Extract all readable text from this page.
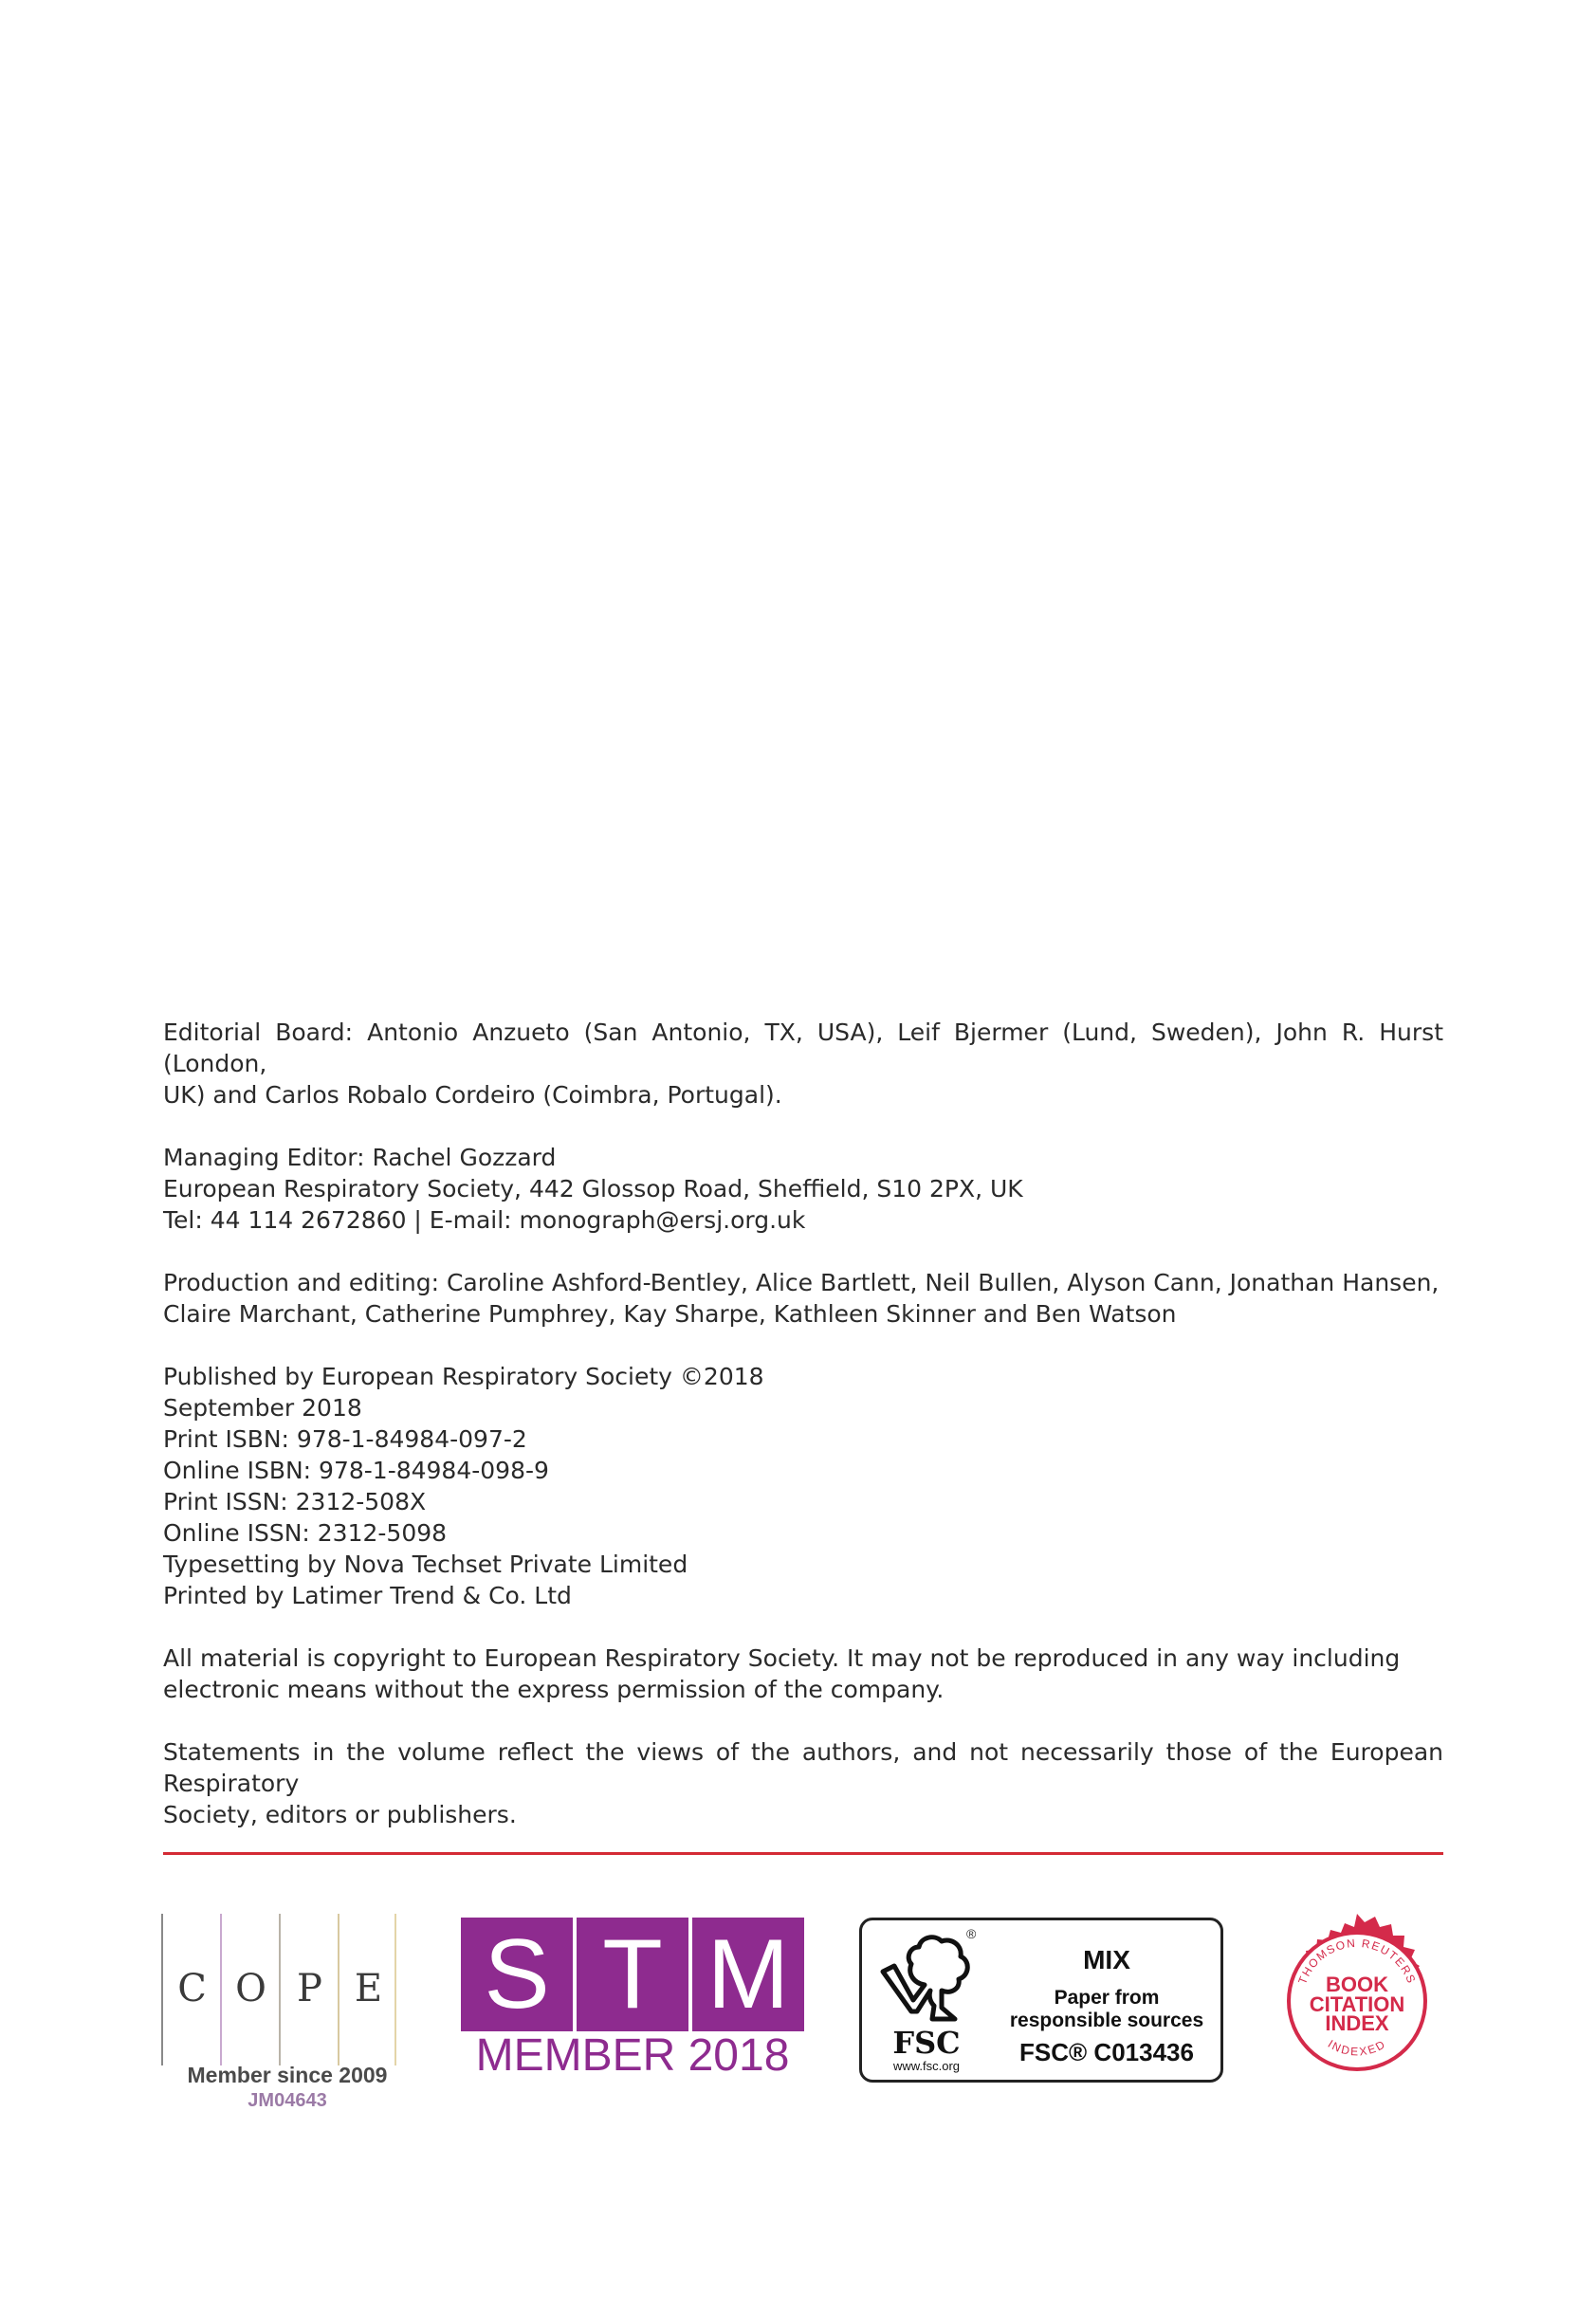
Editorial Board: Antonio Anzueto (San Antonio, TX, USA), Leif Bjermer (Lund, Sweden), John R. Hurst (London,
UK) and Carlos Robalo Cordeiro (Coimbra, Portugal).

Managing Editor: Rachel Gozzard
European Respiratory Society, 442 Glossop Road, Sheffield, S10 2PX, UK
Tel: 44 114 2672860 | E-mail: monograph@ersj.org.uk

Production and editing: Caroline Ashford-Bentley, Alice Bartlett, Neil Bullen, Alyson Cann, Jonathan Hansen,
Claire Marchant, Catherine Pumphrey, Kay Sharpe, Kathleen Skinner and Ben Watson

Published by European Respiratory Society ©2018
September 2018
Print ISBN: 978-1-84984-097-2
Online ISBN: 978-1-84984-098-9
Print ISSN: 2312-508X
Online ISSN: 2312-5098
Typesetting by Nova Techset Private Limited
Printed by Latimer Trend & Co. Ltd

All material is copyright to European Respiratory Society. It may not be reproduced in any way including
electronic means without the express permission of the company.

Statements in the volume reflect the views of the authors, and not necessarily those of the European Respiratory
Society, editors or publishers.

C O P E
Member since 2009
JM04643
S T M
MEMBER 2018
®
FSC
www.fsc.org
MIX
Paper from
responsible sources
FSC® C013436
THOMSON REUTERS
BOOK
CITATION
INDEX
INDEXED
